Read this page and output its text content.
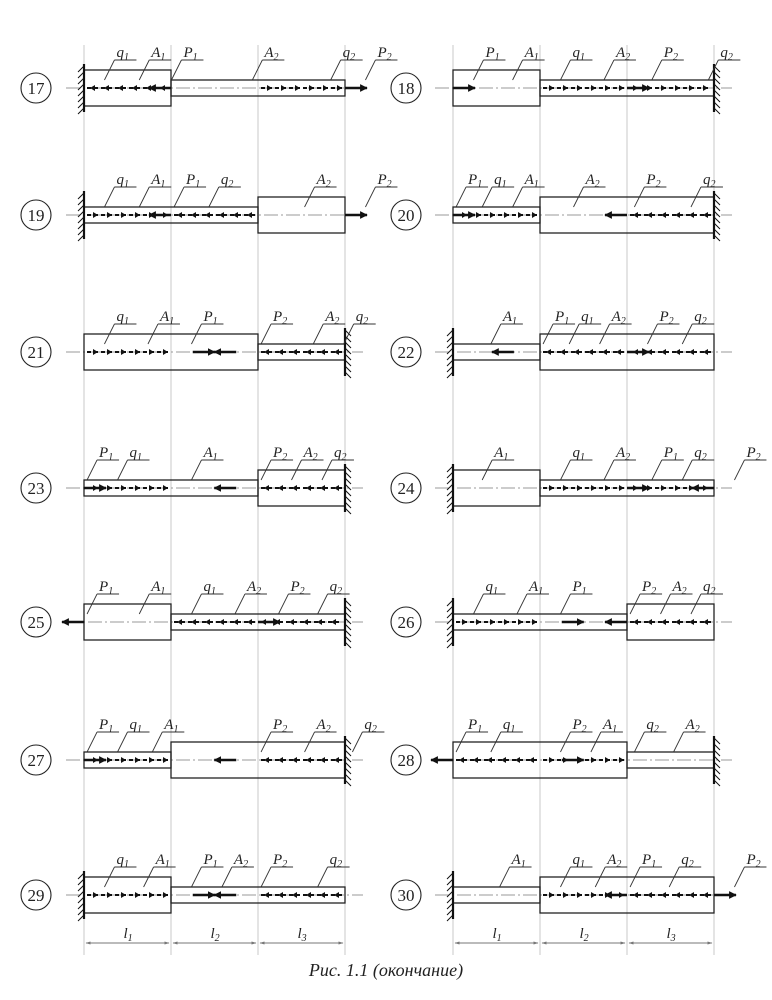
$q_1$ $A_1$ $P_1$	$A_2$	$q_2$ $P_2$
17
$P_1$ $A_1$ $q_1$ $A_2$ $P_2$	$q_2$
18
$q_1$ $A_1$ $P_1$ $q_2$	$A_2$	$P_2$
19
$P_1$ $q_1$ $A_1$	$A_2$	$P_2$	$q_2$
20
$q_1$ $A_1$ $P_1$	$P_2$	$A_2$ $q_2$
21
$A_1$	$P_1$ $q_1$ $A_2$ $P_2$ $q_2$
22
$P_1$ $q_1$	$A_1$	$P_2$ $A_2$ $q_2$
23
$A_1$	$q_1$ $A_2$ $P_1$ $q_2$	$P_2$
24
$P_1$	$A_1$	$q_1$ $A_2$ $P_2$ $q_2$
25
$q_1$ $A_1$ $P_1$	$P_2$ $A_2$ $q_2$
26
$P_1$ $q_1$ $A_1$	$P_2$ $A_2$ $q_2$
27
$P_1$ $q_1$	$P_2$ $A_1$ $q_2$ $A_2$
28
$q_1$ $A_1$ $P_1$ $A_2$ $P_2$	$q_2$
29
$A_1$	$q_1$ $A_2$ $P_1$ $q_2$	$P_2$
30
$l_1$	$l_2$	$l_3$	$l_1$	$l_2$	$l_3$
Рис. 1.1 (окончание)
